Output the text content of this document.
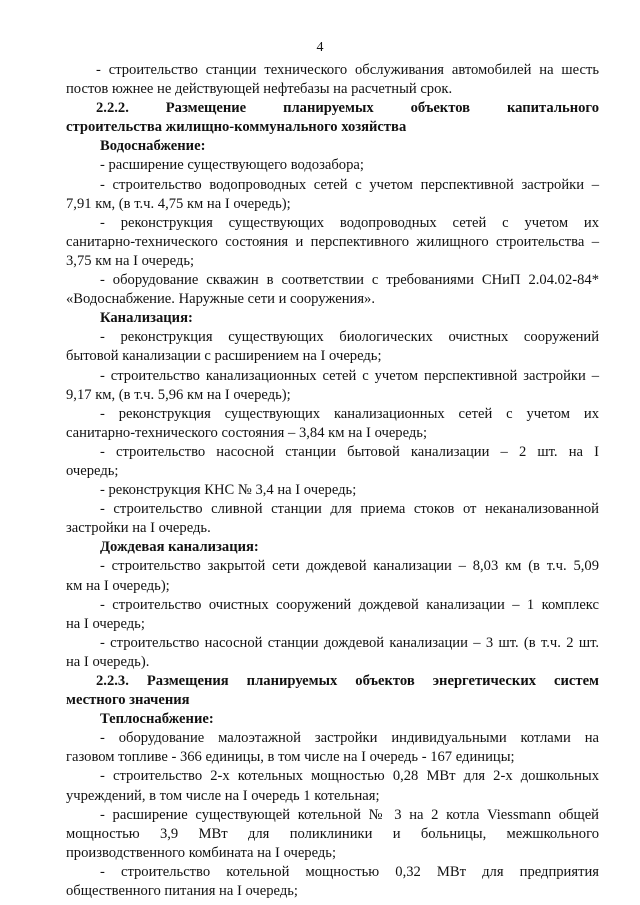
4
- строительство станции технического обслуживания автомобилей на шесть
постов южнее не действующей нефтебазы на расчетный срок.
2.2.2. Размещение планируемых объектов капитального
строительства жилищно-коммунального хозяйства
Водоснабжение:
- расширение существующего водозабора;
- строительство водопроводных сетей с учетом перспективной застройки –
7,91 км, (в т.ч. 4,75 км на I очередь);
- реконструкция существующих водопроводных сетей с учетом их
санитарно-технического состояния и перспективного жилищного строительства –
3,75 км на I очередь;
- оборудование скважин в соответствии с требованиями СНиП 2.04.02-84*
«Водоснабжение. Наружные сети и сооружения».
Канализация:
- реконструкция существующих биологических очистных сооружений
бытовой канализации с расширением на I очередь;
- строительство канализационных сетей с учетом перспективной застройки –
9,17 км, (в т.ч. 5,96 км на I очередь);
- реконструкция существующих канализационных сетей с учетом их
санитарно-технического состояния – 3,84 км на I очередь;
- строительство насосной станции бытовой канализации – 2 шт. на I
очередь;
- реконструкция КНС № 3,4 на I очередь;
- строительство сливной станции для приема стоков от неканализованной
застройки на I очередь.
Дождевая канализация:
- строительство закрытой сети дождевой канализации – 8,03 км (в т.ч. 5,09
км на I очередь);
- строительство очистных сооружений дождевой канализации – 1 комплекс
на I очередь;
- строительство насосной станции дождевой канализации – 3 шт. (в т.ч. 2 шт.
на I очередь).
2.2.3. Размещения планируемых объектов энергетических систем
местного значения
Теплоснабжение:
- оборудование малоэтажной застройки индивидуальными котлами на
газовом топливе - 366 единицы, в том числе на I очередь - 167 единицы;
- строительство 2-х котельных мощностью 0,28 МВт для 2-х дошкольных
учреждений, в том числе на I очередь 1 котельная;
- расширение существующей котельной № 3 на 2 котла Viessmann общей
мощностью 3,9 МВт для поликлиники и больницы, межшкольного
производственного комбината на I очередь;
- строительство котельной мощностью 0,32 МВт для предприятия
общественного питания на I очередь;
